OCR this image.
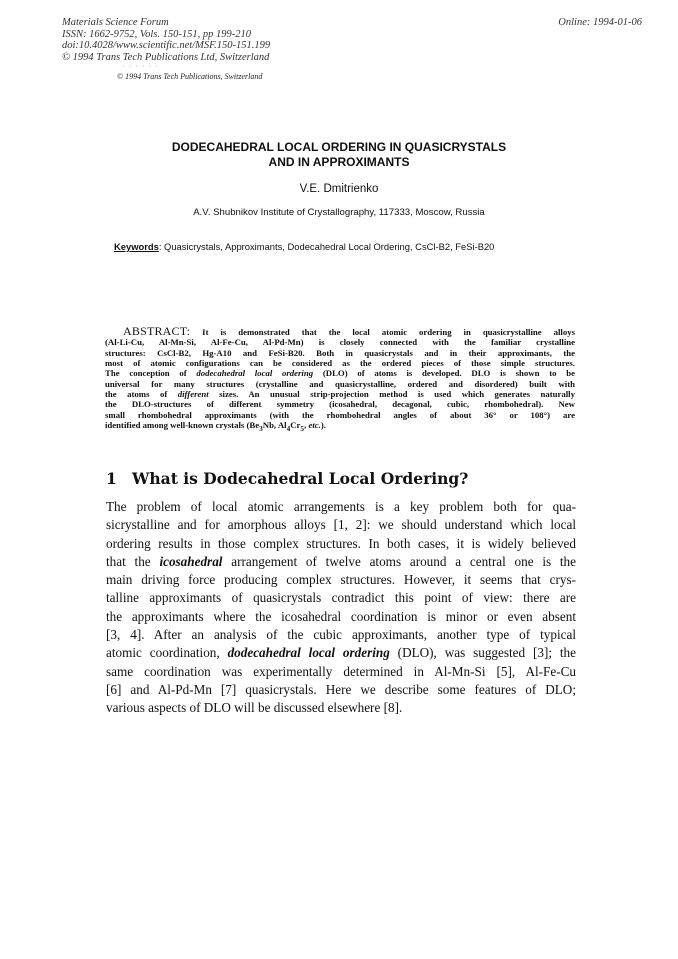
Materials Science Forum
ISSN: 1662-9752, Vols. 150-151, pp 199-210
doi:10.4028/www.scientific.net/MSF.150-151.199
© 1994 Trans Tech Publications Ltd, Switzerland
Online: 1994-01-06
· · · · · ·
© 1994 Trans Tech Publications, Switzerland
DODECAHEDRAL LOCAL ORDERING IN QUASICRYSTALS
AND IN APPROXIMANTS
V.E. Dmitrienko
A.V. Shubnikov Institute of Crystallography, 117333, Moscow, Russia
Keywords: Quasicrystals, Approximants, Dodecahedral Local Ordering, CsCl-B2, FeSi-B20
ABSTRACT: It is demonstrated that the local atomic ordering in quasicrystalline alloys
(Al-Li-Cu, Al-Mn-Si, Al-Fe-Cu, Al-Pd-Mn) is closely connected with the familiar crystalline
structures: CsCl-B2, Hg-A10 and FeSi-B20. Both in quasicrystals and in their approximants, the
most of atomic configurations can be considered as the ordered pieces of those simple structures.
The conception of dodecahedral local ordering (DLO) of atoms is developed. DLO is shown to be
universal for many structures (crystalline and quasicrystalline, ordered and disordered) built with
the atoms of different sizes. An unusual strip-projection method is used which generates naturally
the DLO-structures of different symmetry (icosahedral, decagonal, cubic, rhombohedral). New
small rhombohedral approximants (with the rhombohedral angles of about 36° or 108°) are
identified among well-known crystals ($Be_3Nb$, $Al_4Cr_5$, etc.).
1 What is Dodecahedral Local Ordering?
The problem of local atomic arrangements is a key problem both for qua-
sicrystalline and for amorphous alloys [1, 2]: we should understand which local
ordering results in those complex structures. In both cases, it is widely believed
that the icosahedral arrangement of twelve atoms around a central one is the
main driving force producing complex structures. However, it seems that crys-
talline approximants of quasicrystals contradict this point of view: there are
the approximants where the icosahedral coordination is minor or even absent
[3, 4]. After an analysis of the cubic approximants, another type of typical
atomic coordination, dodecahedral local ordering (DLO), was suggested [3]; the
same coordination was experimentally determined in Al-Mn-Si [5], Al-Fe-Cu
[6] and Al-Pd-Mn [7] quasicrystals. Here we describe some features of DLO;
various aspects of DLO will be discussed elsewhere [8].
